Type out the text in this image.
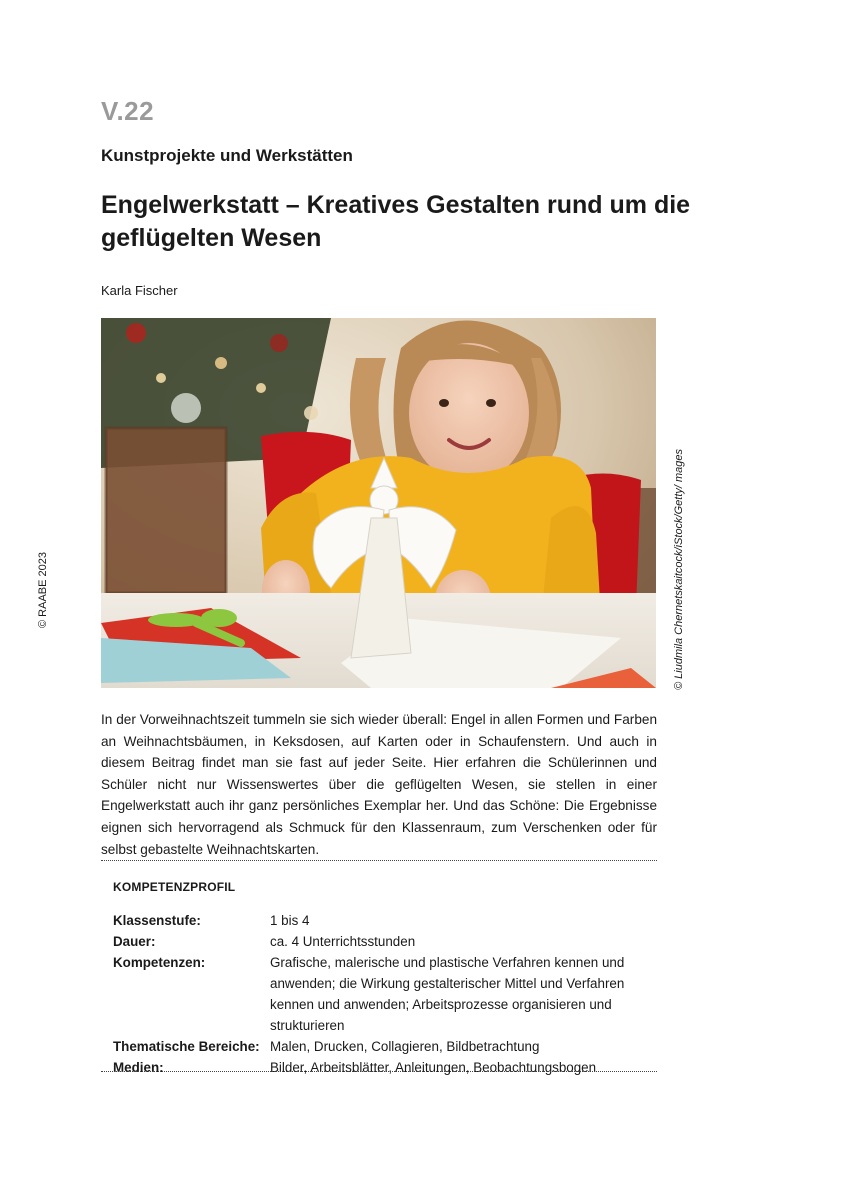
V.22
Kunstprojekte und Werkstätten
Engelwerkstatt – Kreatives Gestalten rund um die geflügelten Wesen
Karla Fischer
© RAABE 2023	© Liudmila Chernetskaitcock/iStock/Getty/ mages

In der Vorweihnachtszeit tummeln sie sich wieder überall: Engel in allen Formen und Farben an Weihnachtsbäumen, in Keksdosen, auf Karten oder in Schaufenstern. Und auch in diesem Beitrag findet man sie fast auf jeder Seite. Hier erfahren die Schülerinnen und Schüler nicht nur Wissenswertes über die geflügelten Wesen, sie stellen in einer Engelwerkstatt auch ihr ganz persönliches Exemplar her. Und das Schöne: Die Ergebnisse eignen sich hervorragend als Schmuck für den Klassenraum, zum Verschenken oder für selbst gebastelte Weihnachtskarten.

KOMPETENZPROFIL
Klassenstufe:	1 bis 4
Dauer:	ca. 4 Unterrichtsstunden
Kompetenzen:	Grafische, malerische und plastische Verfahren kennen und anwenden; die Wirkung gestalterischer Mittel und Verfahren kennen und anwenden; Arbeitsprozesse organisieren und strukturieren
Thematische Bereiche: Malen, Drucken, Collagieren, Bildbetrachtung
Medien:	Bilder, Arbeitsblätter, Anleitungen, Beobachtungsbogen
